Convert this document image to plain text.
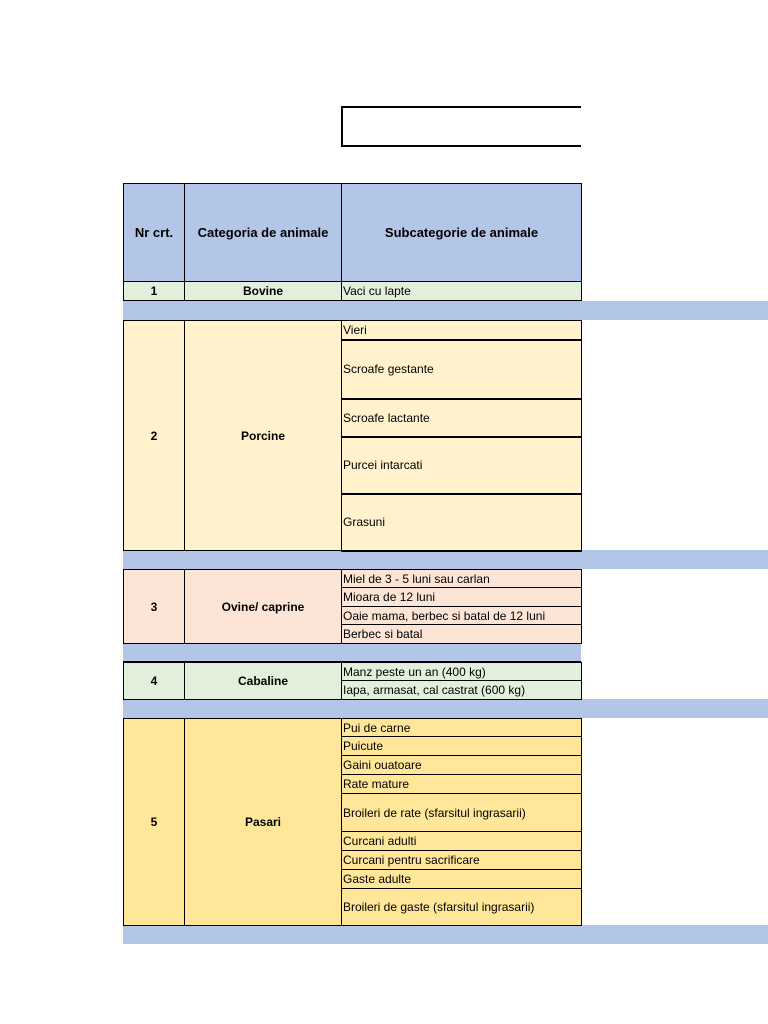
Nr crt.	Categoria de animale	Subcategorie de animale
1	Bovine	Vaci cu lapte
2	Porcine	Vieri
Scroafe gestante
Scroafe lactante
Purcei intarcati
Grasuni
3	Ovine/ caprine	Miel de 3 - 5 luni sau carlan
Mioara de 12 luni
Oaie mama, berbec si batal de 12 luni
Berbec si batal
4	Cabaline	Manz peste un an (400 kg)
Iapa, armasat, cal castrat (600 kg)
5	Pasari	Pui de carne
Puicute
Gaini ouatoare
Rate mature
Broileri de rate (sfarsitul ingrasarii)
Curcani adulti
Curcani pentru sacrificare
Gaste adulte
Broileri de gaste (sfarsitul ingrasarii)
